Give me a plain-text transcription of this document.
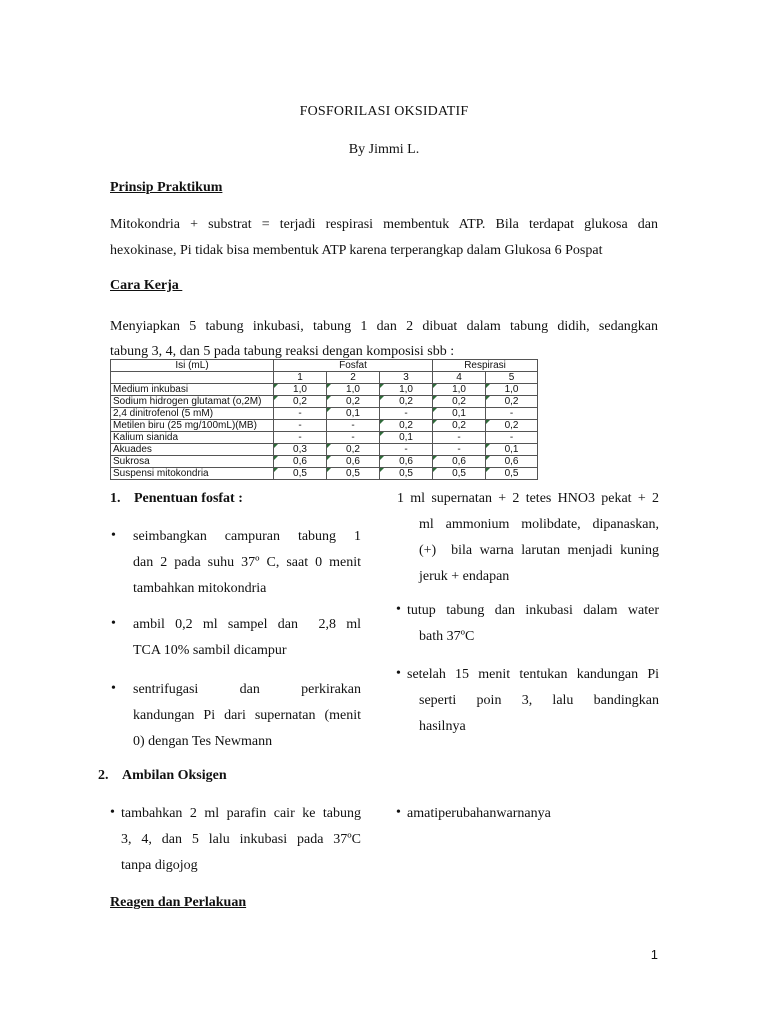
FOSFORILASI OKSIDATIF
By Jimmi L.
Prinsip Praktikum
Mitokondria + substrat = terjadi respirasi membentuk ATP. Bila terdapat glukosa dan
hexokinase, Pi tidak bisa membentuk ATP karena terperangkap dalam Glukosa 6 Pospat
Cara Kerja
Menyiapkan 5 tabung inkubasi, tabung 1 dan 2 dibuat dalam tabung didih, sedangkan
tabung 3, 4, dan 5 pada tabung reaksi dengan komposisi sbb :
Isi (mL)	Fosfat			Respirasi	
	1	2	3	4	5
Medium inkubasi	1,0	1,0	1,0	1,0	1,0
Sodium hidrogen glutamat (o,2M)	0,2	0,2	0,2	0,2	0,2
2,4 dinitrofenol (5 mM)	-	0,1	-	0,1	-
Metilen biru (25 mg/100mL)(MB)	-	-	0,2	0,2	0,2
Kalium sianida	-	-	0,1	-	-
Akuades	0,3	0,2	-	-	0,1
Sukrosa	0,6	0,6	0,6	0,6	0,6
Suspensi mitokondria	0,5	0,5	0,5	0,5	0,5
1. Penentuan fosfat :
• seimbangkan campuran tabung 1
dan 2 pada suhu 37º C, saat 0 menit
tambahkan mitokondria
• ambil 0,2 ml sampel dan  2,8 ml
TCA 10% sambil dicampur
• sentrifugasi dan perkirakan
kandungan Pi dari supernatan (menit
0) dengan Tes Newmann
1 ml supernatan + 2 tetes HNO3 pekat + 2
ml ammonium molibdate, dipanaskan,
(+)  bila warna larutan menjadi kuning
jeruk + endapan
• tutup tabung dan inkubasi dalam water
bath 37ºC
• setelah 15 menit tentukan kandungan Pi
seperti poin 3, lalu bandingkan
hasilnya
2. Ambilan Oksigen
• tambahkan 2 ml parafin cair ke tabung
3, 4, dan 5 lalu inkubasi pada 37ºC
tanpa digojog
• amatiperubahanwarnanya
Reagen dan Perlakuan
1
